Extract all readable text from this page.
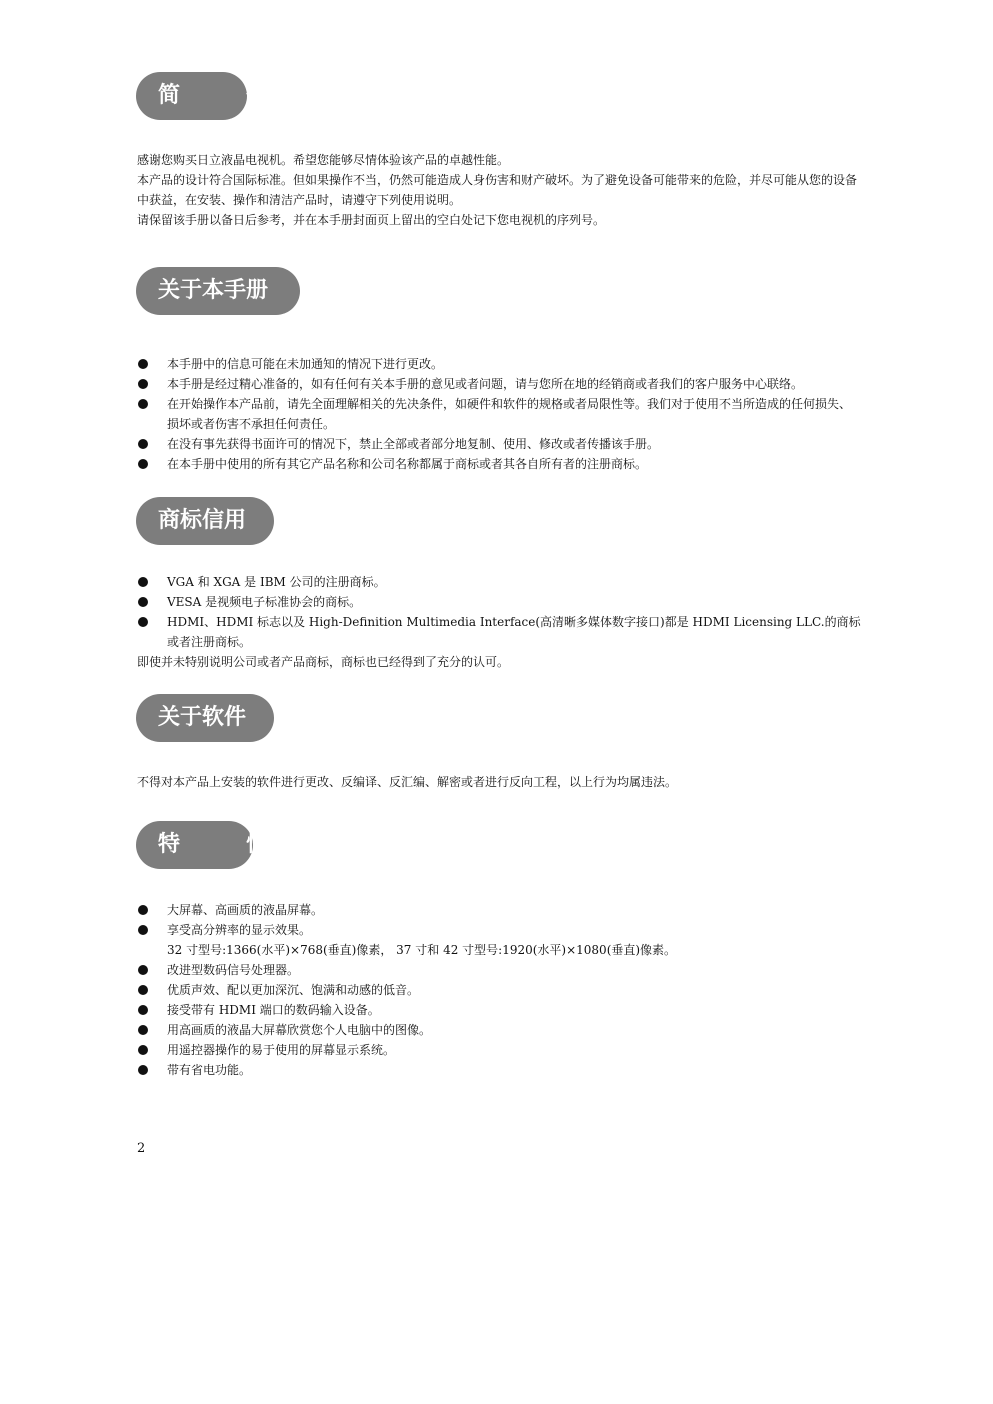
简　介

感谢您购买日立液晶电视机。希望您能够尽情体验该产品的卓越性能。

本产品的设计符合国际标准。但如果操作不当，仍然可能造成人身伤害和财产破坏。为了避免设备可能带来的危险，并尽可能从您的设备中获益，在安装、操作和清洁产品时，请遵守下列使用说明。

请保留该手册以备日后参考，并在本手册封面页上留出的空白处记下您电视机的序列号。

关于本手册
本手册中的信息可能在未加通知的情况下进行更改。
本手册是经过精心准备的，如有任何有关本手册的意见或者问题，请与您所在地的经销商或者我们的客户服务中心联络。
在开始操作本产品前，请先全面理解相关的先决条件，如硬件和软件的规格或者局限性等。我们对于使用不当所造成的任何损失、损坏或者伤害不承担任何责任。
在没有事先获得书面许可的情况下，禁止全部或者部分地复制、使用、修改或者传播该手册。
在本手册中使用的所有其它产品名称和公司名称都属于商标或者其各自所有者的注册商标。
商标信用
VGA 和 XGA 是 IBM 公司的注册商标。
VESA 是视频电子标准协会的商标。
HDMI、HDMI 标志以及 High-Definition Multimedia Interface(高清晰多媒体数字接口)都是 HDMI Licensing LLC.的商标或者注册商标。

即使并未特别说明公司或者产品商标，商标也已经得到了充分的认可。

关于软件

不得对本产品上安装的软件进行更改、反编译、反汇编、解密或者进行反向工程，以上行为均属违法。

特　性
大屏幕、高画质的液晶屏幕。
享受高分辨率的显示效果。
32 寸型号:1366(水平)×768(垂直)像素， 37 寸和 42 寸型号:1920(水平)×1080(垂直)像素。
改进型数码信号处理器。
优质声效、配以更加深沉、饱满和动感的低音。
接受带有 HDMI 端口的数码输入设备。
用高画质的液晶大屏幕欣赏您个人电脑中的图像。
用遥控器操作的易于使用的屏幕显示系统。
带有省电功能。
2
